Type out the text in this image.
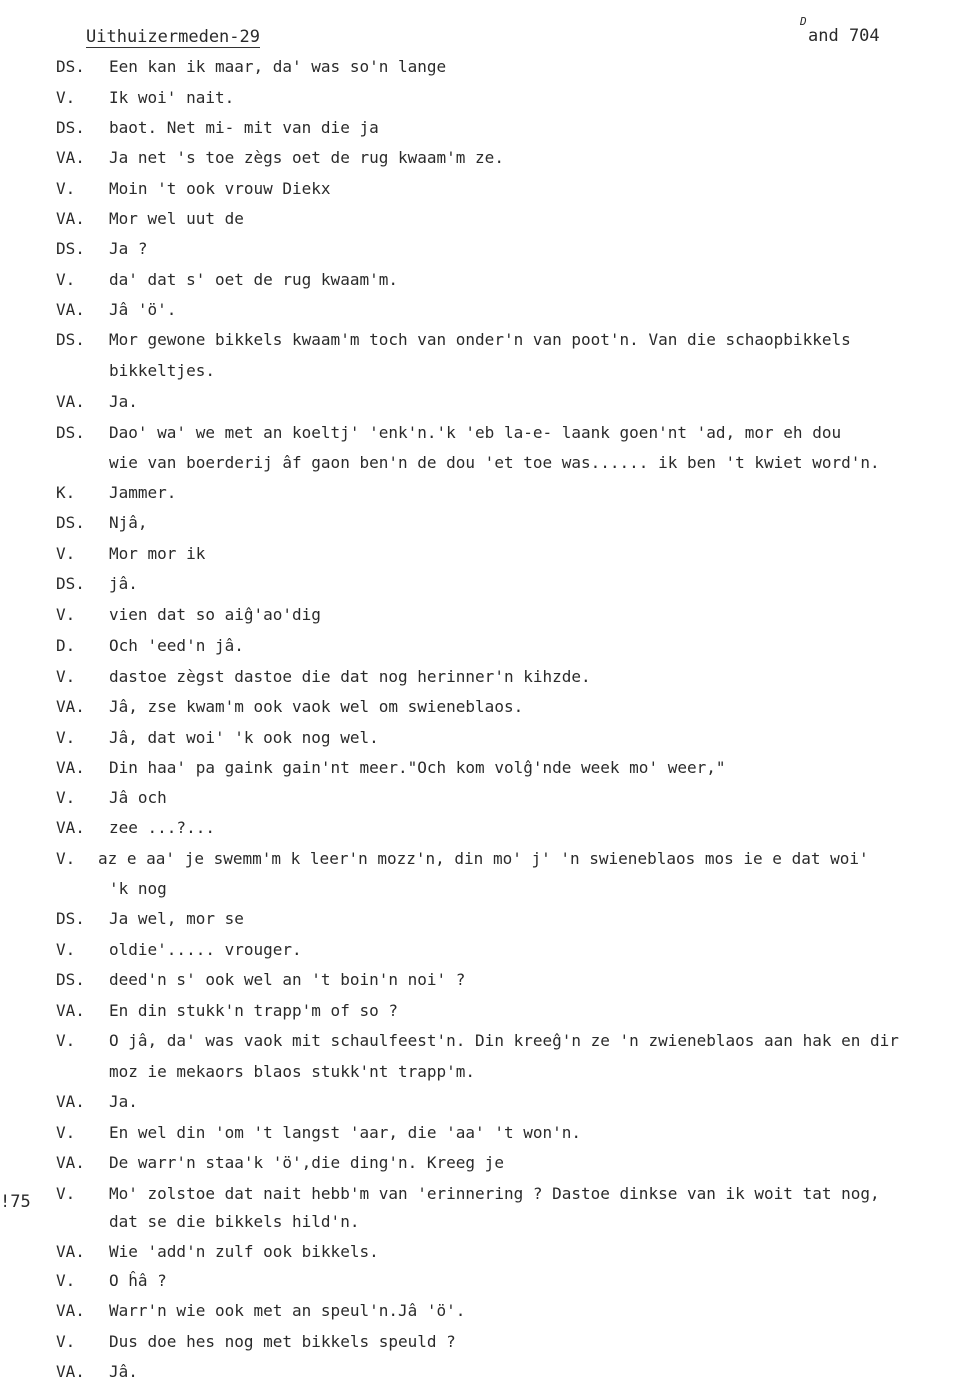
Uithuizermeden-29
D
and 704
!75
DS. Een kan ik maar, da' was so'n lange
V. Ik woi' nait.
DS. baot. Net mi- mit van die ja
VA. Ja net 's toe zègs oet de rug kwaam'm ze.
V. Moin 't ook vrouw Diekx
VA. Mor wel uut de
DS. Ja ?
V. da' dat s' oet de rug kwaam'm.
VA. Jâ 'ö'.
DS. Mor gewone bikkels kwaam'm toch van onder'n van poot'n. Van die schaopbikkels
bikkeltjes.
VA. Ja.
DS. Dao' wa' we met an koeltj' 'enk'n.'k 'eb la-e- laank goen'nt 'ad, mor eh dou
wie van boerderij âf gaon ben'n de dou 'et toe was...... ik ben 't kwiet word'n.
K. Jammer.
DS. Njâ,
V. Mor mor ik
DS. jâ.
V. vien dat so aiĝ'ao'dig
D. Och 'eed'n jâ.
V. dastoe zègst dastoe die dat nog herinner'n kihzde.
VA. Jâ, zse kwam'm ook vaok wel om swieneblaos.
V. Jâ, dat woi' 'k ook nog wel.
VA. Din haa' pa gaink gain'nt meer."Och kom volĝ'nde week mo' weer,"
V. Jâ och
VA. zee ...?...
V. az e aa' je swemm'm k leer'n mozz'n, din mo' j' 'n swieneblaos mos ie e dat woi'
'k nog
DS. Ja wel, mor se
V. oldie'..... vrouger.
DS. deed'n s' ook wel an 't boin'n noi' ?
VA. En din stukk'n trapp'm of so ?
V. O jâ, da' was vaok mit schaulfeest'n. Din kreeĝ'n ze 'n zwieneblaos aan hak en dir
moz ie mekaors blaos stukk'nt trapp'm.
VA. Ja.
V. En wel din 'om 't langst 'aar, die 'aa' 't won'n.
VA. De warr'n staa'k 'ö',die ding'n. Kreeg je
V. Mo' zolstoe dat nait hebb'm van 'erinnering ? Dastoe dinkse van ik woit tat nog,
dat se die bikkels hild'n.
VA. Wie 'add'n zulf ook bikkels.
V. O ĥâ ?
VA. Warr'n wie ook met an speul'n.Jâ 'ö'.
V. Dus doe hes nog met bikkels speuld ?
VA. Jâ.
